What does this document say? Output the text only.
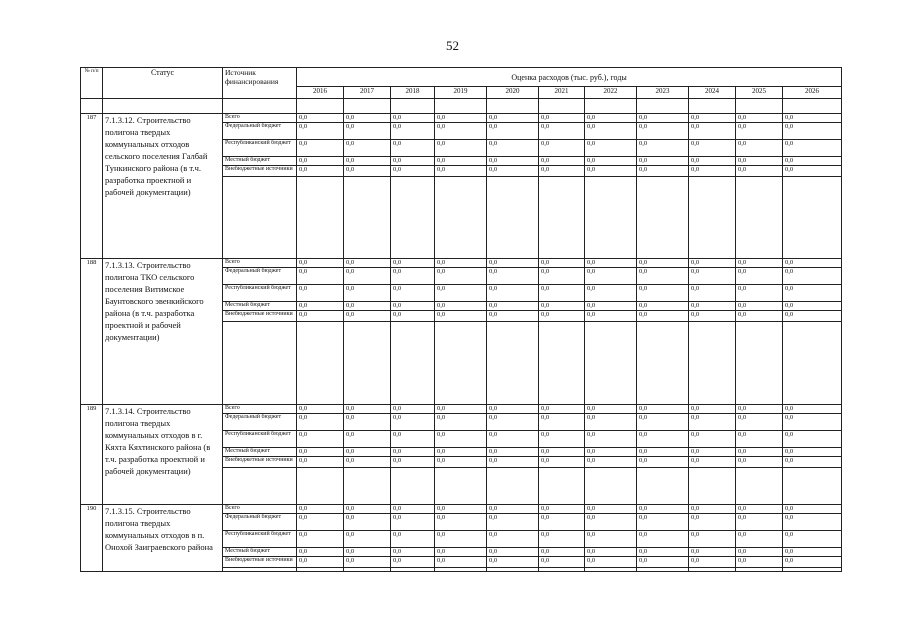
52
№ п/п	Статус	Источник финансирования	Оценка расходов (тыс. руб.), годы										
			2016	2017	2018	2019	2020	2021	2022	2023	2024	2025	2026

187	7.1.3.12. Строительство полигона твердых коммунальных отходов сельского поселения Галбай Тункинского района (в т.ч. разработка проектной и рабочей документации)	Всего	0,0	0,0	0,0	0,0	0,0	0,0	0,0	0,0	0,0	0,0	0,0
		Федеральный бюджет	0,0	0,0	0,0	0,0	0,0	0,0	0,0	0,0	0,0	0,0	0,0
		Республиканский бюджет	0,0	0,0	0,0	0,0	0,0	0,0	0,0	0,0	0,0	0,0	0,0
		Местный бюджет	0,0	0,0	0,0	0,0	0,0	0,0	0,0	0,0	0,0	0,0	0,0
		Внебюджетные источники	0,0	0,0	0,0	0,0	0,0	0,0	0,0	0,0	0,0	0,0	0,0

188	7.1.3.13. Строительство полигона ТКО сельского поселения Витимское Баунтовского эвенкийского района (в т.ч. разработка проектной и рабочей документации)	Всего	0,0	0,0	0,0	0,0	0,0	0,0	0,0	0,0	0,0	0,0	0,0
		Федеральный бюджет	0,0	0,0	0,0	0,0	0,0	0,0	0,0	0,0	0,0	0,0	0,0
		Республиканский бюджет	0,0	0,0	0,0	0,0	0,0	0,0	0,0	0,0	0,0	0,0	0,0
		Местный бюджет	0,0	0,0	0,0	0,0	0,0	0,0	0,0	0,0	0,0	0,0	0,0
		Внебюджетные источники	0,0	0,0	0,0	0,0	0,0	0,0	0,0	0,0	0,0	0,0	0,0

189	7.1.3.14. Строительство полигона твердых коммунальных отходов в г. Кяхта Кяхтинского района (в т.ч. разработка проектной и рабочей документации)	Всего	0,0	0,0	0,0	0,0	0,0	0,0	0,0	0,0	0,0	0,0	0,0
		Федеральный бюджет	0,0	0,0	0,0	0,0	0,0	0,0	0,0	0,0	0,0	0,0	0,0
		Республиканский бюджет	0,0	0,0	0,0	0,0	0,0	0,0	0,0	0,0	0,0	0,0	0,0
		Местный бюджет	0,0	0,0	0,0	0,0	0,0	0,0	0,0	0,0	0,0	0,0	0,0
		Внебюджетные источники	0,0	0,0	0,0	0,0	0,0	0,0	0,0	0,0	0,0	0,0	0,0

190	7.1.3.15. Строительство полигона твердых коммунальных отходов в п. Онохой Заиграевского района	Всего	0,0	0,0	0,0	0,0	0,0	0,0	0,0	0,0	0,0	0,0	0,0
		Федеральный бюджет	0,0	0,0	0,0	0,0	0,0	0,0	0,0	0,0	0,0	0,0	0,0
		Республиканский бюджет	0,0	0,0	0,0	0,0	0,0	0,0	0,0	0,0	0,0	0,0	0,0
		Местный бюджет	0,0	0,0	0,0	0,0	0,0	0,0	0,0	0,0	0,0	0,0	0,0
		Внебюджетные источники	0,0	0,0	0,0	0,0	0,0	0,0	0,0	0,0	0,0	0,0	0,0
